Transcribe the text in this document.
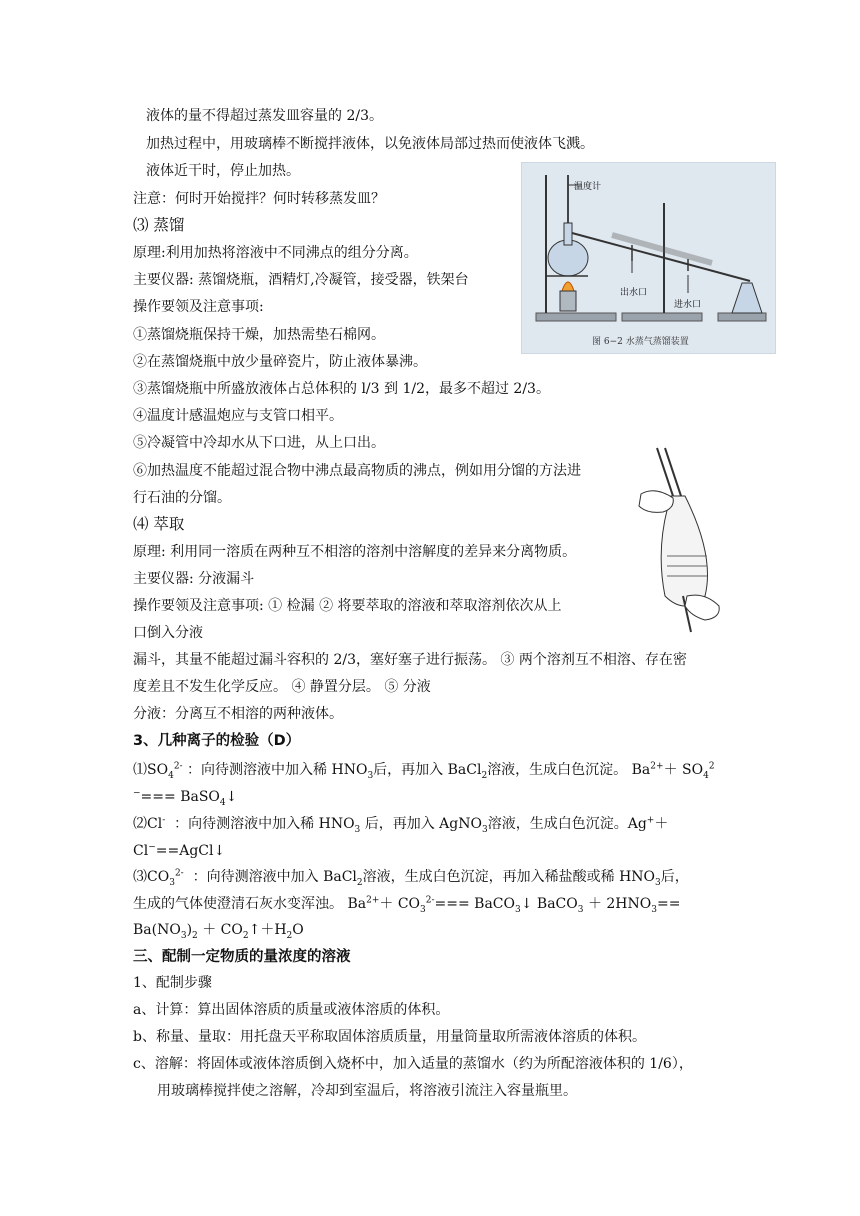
液体的量不得超过蒸发皿容量的 2/3。
加热过程中，用玻璃棒不断搅拌液体，以免液体局部过热而使液体飞溅。
液体近干时，停止加热。
注意：何时开始搅拌？何时转移蒸发皿？
⑶ 蒸馏
原理:利用加热将溶液中不同沸点的组分分离。
主要仪器: 蒸馏烧瓶，酒精灯,冷凝管，接受器，铁架台
操作要领及注意事项:
①蒸馏烧瓶保持干燥，加热需垫石棉网。
②在蒸馏烧瓶中放少量碎瓷片，防止液体暴沸。
③蒸馏烧瓶中所盛放液体占总体积的 l/3 到 1/2，最多不超过 2/3。
④温度计感温炮应与支管口相平。
⑤冷凝管中冷却水从下口进，从上口出。
⑥加热温度不能超过混合物中沸点最高物质的沸点，例如用分馏的方法进
行石油的分馏。
⑷ 萃取
原理: 利用同一溶质在两种互不相溶的溶剂中溶解度的差异来分离物质。
主要仪器: 分液漏斗
操作要领及注意事项: ① 检漏 ② 将要萃取的溶液和萃取溶剂依次从上
口倒入分液
漏斗，其量不能超过漏斗容积的 2/3，塞好塞子进行振荡。 ③ 两个溶剂互不相溶、存在密
度差且不发生化学反应。 ④ 静置分层。 ⑤ 分液
分液：分离互不相溶的两种液体。
3、几种离子的检验（D）
$⑴SO_4^{2-}$ ：向待测溶液中加入稀 $HNO_3$后，再加入 BaCl$_2$溶液，生成白色沉淀。 $Ba^{2+}+ SO_4^2$
−=== BaSO$_4$↓
⑵Cl- ：向待测溶液中加入稀 $HNO_3$ 后，再加入 AgNO$_3$溶液，生成白色沉淀。Ag+＋
Cl−==AgCl↓
$⑶CO_3^{2-}$ ：向待测溶液中加入 BaCl$_2$溶液，生成白色沉淀，再加入稀盐酸或稀 $HNO_3$后，
生成的气体使澄清石灰水变浑浊。 $Ba^{2+}+ CO_3^{2-}===$ BaCO$_3$↓ BaCO$_3$ ＋ $2HNO_3==$
$Ba(NO_3)_2$ ＋ $CO_2↑+H_2O$
三、配制一定物质的量浓度的溶液
1、配制步骤
a、计算：算出固体溶质的质量或液体溶质的体积。
b、称量、量取：用托盘天平称取固体溶质质量，用量筒量取所需液体溶质的体积。
c、溶解：将固体或液体溶质倒入烧杯中，加入适量的蒸馏水（约为所配溶液体积的 1/6），
用玻璃棒搅拌使之溶解，冷却到室温后，将溶液引流注入容量瓶里。
温度计
出水口
进水口
图 6−2 水蒸气蒸馏装置
